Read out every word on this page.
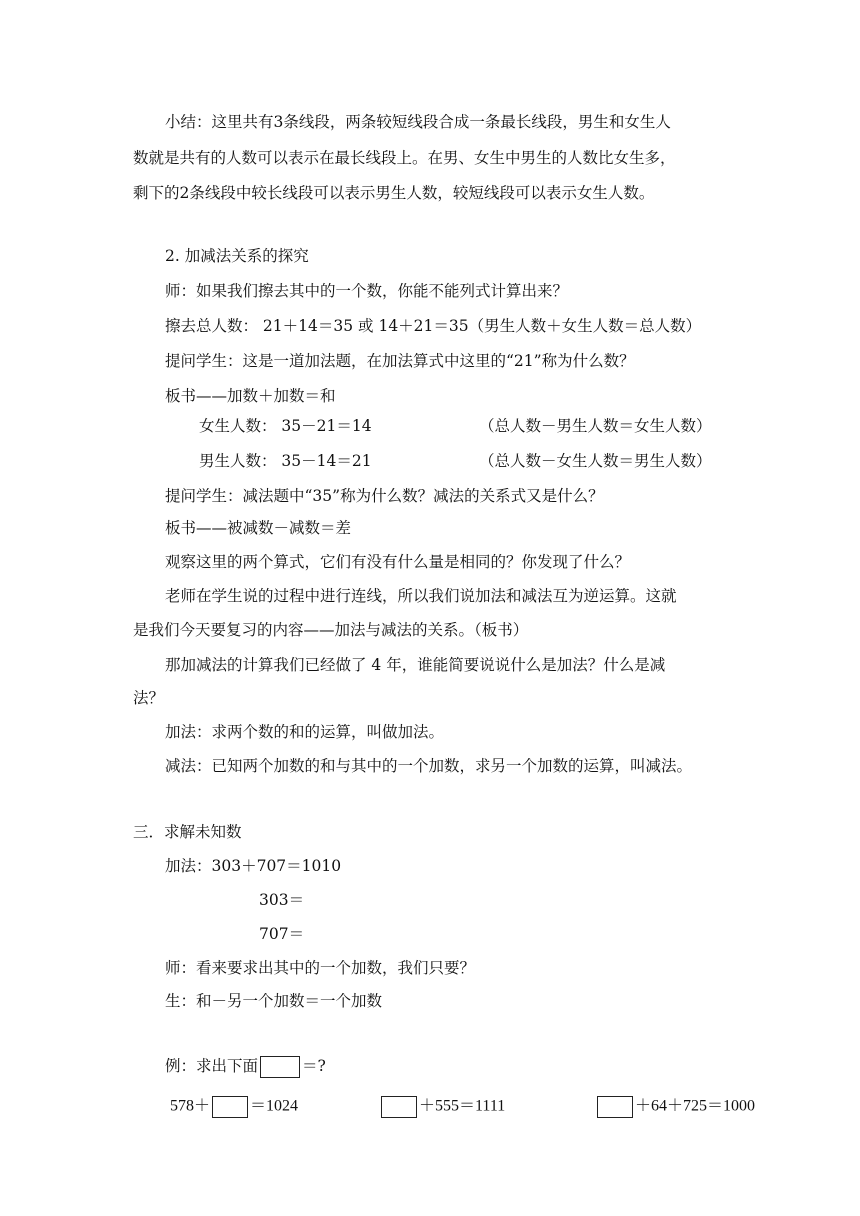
小结：这里共有3条线段，两条较短线段合成一条最长线段，男生和女生人
数就是共有的人数可以表示在最长线段上。在男、女生中男生的人数比女生多，
剩下的2条线段中较长线段可以表示男生人数，较短线段可以表示女生人数。
2. 加减法关系的探究
师：如果我们擦去其中的一个数，你能不能列式计算出来？
擦去总人数： 21＋14＝35 或 14＋21＝35（男生人数＋女生人数＝总人数）
提问学生：这是一道加法题，在加法算式中这里的“21”称为什么数？
板书——加数＋加数＝和
女生人数： 35－21＝14	（总人数－男生人数＝女生人数）
男生人数： 35－14＝21	（总人数－女生人数＝男生人数）
提问学生：减法题中“35”称为什么数？减法的关系式又是什么？
板书——被减数－减数＝差
观察这里的两个算式，它们有没有什么量是相同的？你发现了什么？
老师在学生说的过程中进行连线，所以我们说加法和减法互为逆运算。这就
是我们今天要复习的内容——加法与减法的关系。（板书）
那加减法的计算我们已经做了 4 年，谁能简要说说什么是加法？什么是减
法？
加法：求两个数的和的运算，叫做加法。
减法：已知两个加数的和与其中的一个加数，求另一个加数的运算，叫减法。
三．求解未知数
加法：303＋707＝1010
303＝
707＝
师：看来要求出其中的一个加数，我们只要？
生：和－另一个加数＝一个加数
例：求出下面	＝?
578＋	＝1024	＋555＝1111	＋64＋725＝1000
